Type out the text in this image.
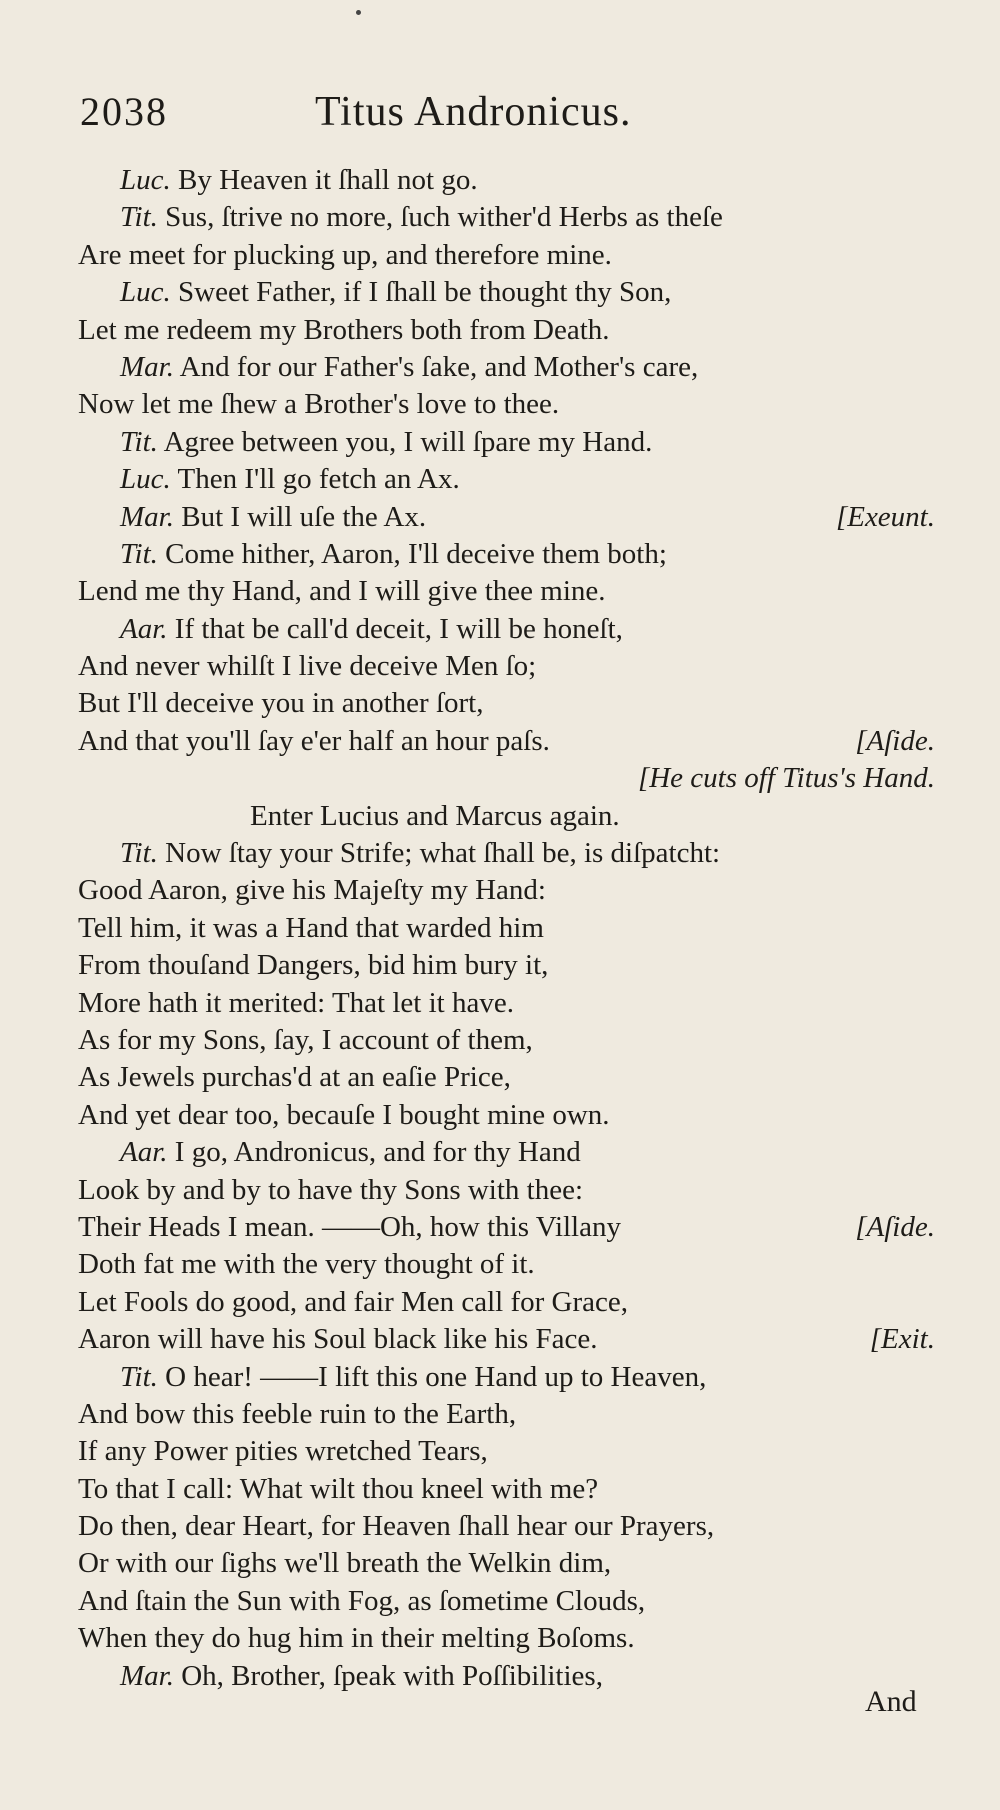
2038	Titus Andronicus.
Luc. By Heaven it ſhall not go.
Tit. Sus, ſtrive no more, ſuch wither'd Herbs as theſe
Are meet for plucking up, and therefore mine.
Luc. Sweet Father, if I ſhall be thought thy Son,
Let me redeem my Brothers both from Death.
Mar. And for our Father's ſake, and Mother's care,
Now let me ſhew a Brother's love to thee.
Tit. Agree between you, I will ſpare my Hand.
Luc. Then I'll go fetch an Ax.
Mar. But I will uſe the Ax.	[Exeunt.
Tit. Come hither, Aaron, I'll deceive them both;
Lend me thy Hand, and I will give thee mine.
Aar. If that be call'd deceit, I will be honeſt,
And never whilſt I live deceive Men ſo;
But I'll deceive you in another ſort,
And that you'll ſay e'er half an hour paſs.	[Aſide.
[He cuts off Titus's Hand.
Enter Lucius and Marcus again.
Tit. Now ſtay your Strife; what ſhall be, is diſpatcht:
Good Aaron, give his Majeſty my Hand:
Tell him, it was a Hand that warded him
From thouſand Dangers, bid him bury it,
More hath it merited: That let it have.
As for my Sons, ſay, I account of them,
As Jewels purchas'd at an eaſie Price,
And yet dear too, becauſe I bought mine own.
Aar. I go, Andronicus, and for thy Hand
Look by and by to have thy Sons with thee:
Their Heads I mean. ——Oh, how this Villany	[Aſide.
Doth fat me with the very thought of it.
Let Fools do good, and fair Men call for Grace,
Aaron will have his Soul black like his Face.	[Exit.
Tit. O hear! ——I lift this one Hand up to Heaven,
And bow this feeble ruin to the Earth,
If any Power pities wretched Tears,
To that I call: What wilt thou kneel with me?
Do then, dear Heart, for Heaven ſhall hear our Prayers,
Or with our ſighs we'll breath the Welkin dim,
And ſtain the Sun with Fog, as ſometime Clouds,
When they do hug him in their melting Boſoms.
Mar. Oh, Brother, ſpeak with Poſſibilities,
And
